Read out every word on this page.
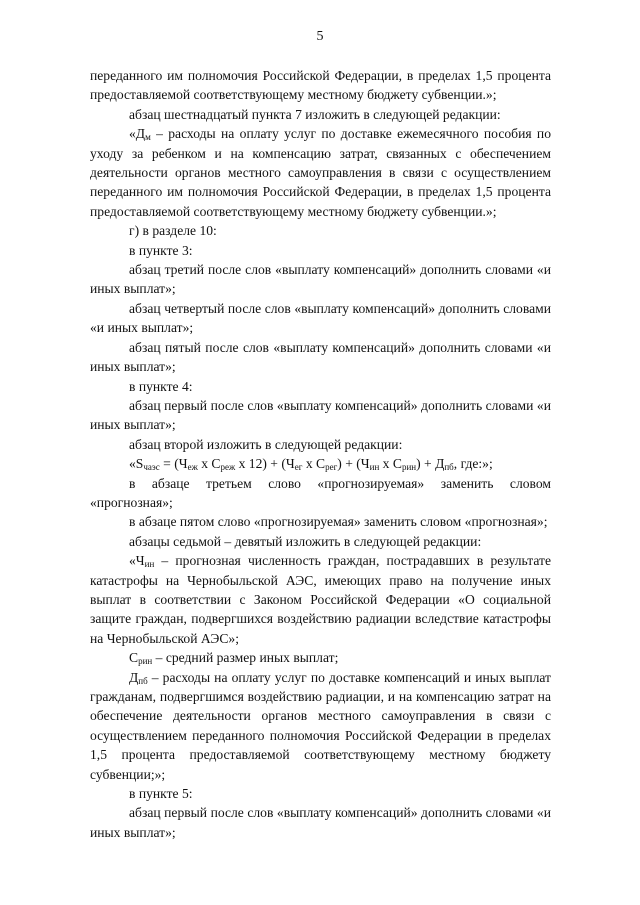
5

переданного им полномочия Российской Федерации, в пределах 1,5 процента предоставляемой соответствующему местному бюджету субвенции.»;

абзац шестнадцатый пункта 7 изложить в следующей редакции:

«$Д_м$ – расходы на оплату услуг по доставке ежемесячного пособия по уходу за ребенком и на компенсацию затрат, связанных с обеспечением деятельности органов местного самоуправления в связи с осуществлением переданного им полномочия Российской Федерации, в пределах 1,5 процента предоставляемой соответствующему местному бюджету субвенции.»;

г) в разделе 10:

в пункте 3:

абзац третий после слов «выплату компенсаций» дополнить словами «и иных выплат»;

абзац четвертый после слов «выплату компенсаций» дополнить словами «и иных выплат»;

абзац пятый после слов «выплату компенсаций» дополнить словами «и иных выплат»;

в пункте 4:

абзац первый после слов «выплату компенсаций» дополнить словами «и иных выплат»;

абзац второй изложить в следующей редакции:

«$S_{чаэс} = (Ч_{еж}$ х $С_{реж}$ х $12) + (Ч_{ег}$ х $С_{рег}) + (Ч_{ин}$ х $С_{рин}) + Д_{пб}$, где:»;

в абзаце третьем слово «прогнозируемая» заменить словом «прогнозная»;

в абзаце пятом слово «прогнозируемая» заменить словом «прогнозная»;

абзацы седьмой – девятый изложить в следующей редакции:

«$Ч_{ин}$ – прогнозная численность граждан, пострадавших в результате катастрофы на Чернобыльской АЭС, имеющих право на получение иных выплат в соответствии с Законом Российской Федерации «О социальной защите граждан, подвергшихся воздействию радиации вследствие катастрофы на Чернобыльской АЭС»;

$С_{рин}$ – средний размер иных выплат;

$Д_{пб}$ – расходы на оплату услуг по доставке компенсаций и иных выплат гражданам, подвергшимся воздействию радиации, и на компенсацию затрат на обеспечение деятельности органов местного самоуправления в связи с осуществлением переданного полномочия Российской Федерации в пределах 1,5 процента предоставляемой соответствующему местному бюджету субвенции;»;

в пункте 5:

абзац первый после слов «выплату компенсаций» дополнить словами «и иных выплат»;
